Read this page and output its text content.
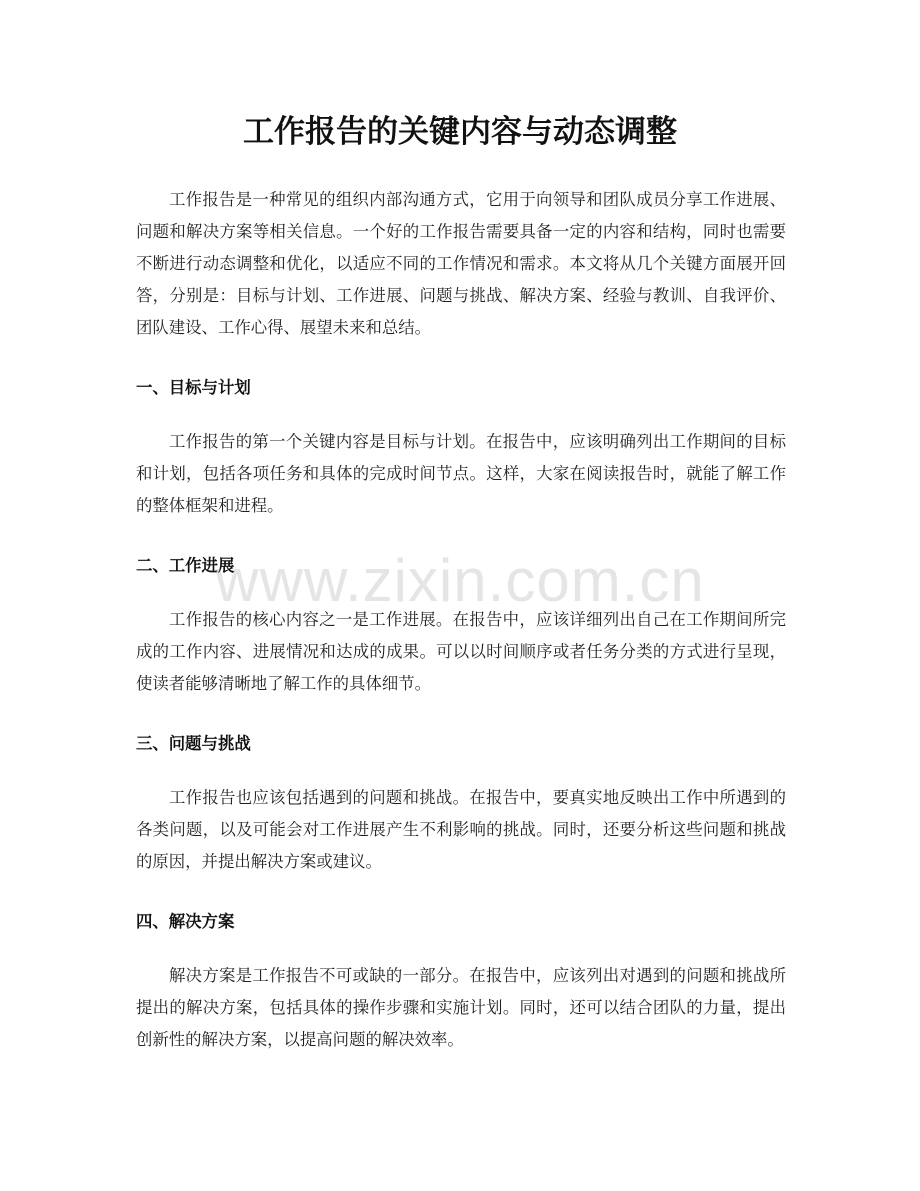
工作报告的关键内容与动态调整

工作报告是一种常见的组织内部沟通方式，它用于向领导和团队成员分享工作进展、问题和解决方案等相关信息。一个好的工作报告需要具备一定的内容和结构，同时也需要不断进行动态调整和优化，以适应不同的工作情况和需求。本文将从几个关键方面展开回答，分别是：目标与计划、工作进展、问题与挑战、解决方案、经验与教训、自我评价、团队建设、工作心得、展望未来和总结。

一、目标与计划

工作报告的第一个关键内容是目标与计划。在报告中，应该明确列出工作期间的目标和计划，包括各项任务和具体的完成时间节点。这样，大家在阅读报告时，就能了解工作的整体框架和进程。

二、工作进展

工作报告的核心内容之一是工作进展。在报告中，应该详细列出自己在工作期间所完成的工作内容、进展情况和达成的成果。可以以时间顺序或者任务分类的方式进行呈现，使读者能够清晰地了解工作的具体细节。

三、问题与挑战

工作报告也应该包括遇到的问题和挑战。在报告中，要真实地反映出工作中所遇到的各类问题，以及可能会对工作进展产生不利影响的挑战。同时，还要分析这些问题和挑战的原因，并提出解决方案或建议。

四、解决方案

解决方案是工作报告不可或缺的一部分。在报告中，应该列出对遇到的问题和挑战所提出的解决方案，包括具体的操作步骤和实施计划。同时，还可以结合团队的力量，提出创新性的解决方案，以提高问题的解决效率。

www.zixin.com.cn
